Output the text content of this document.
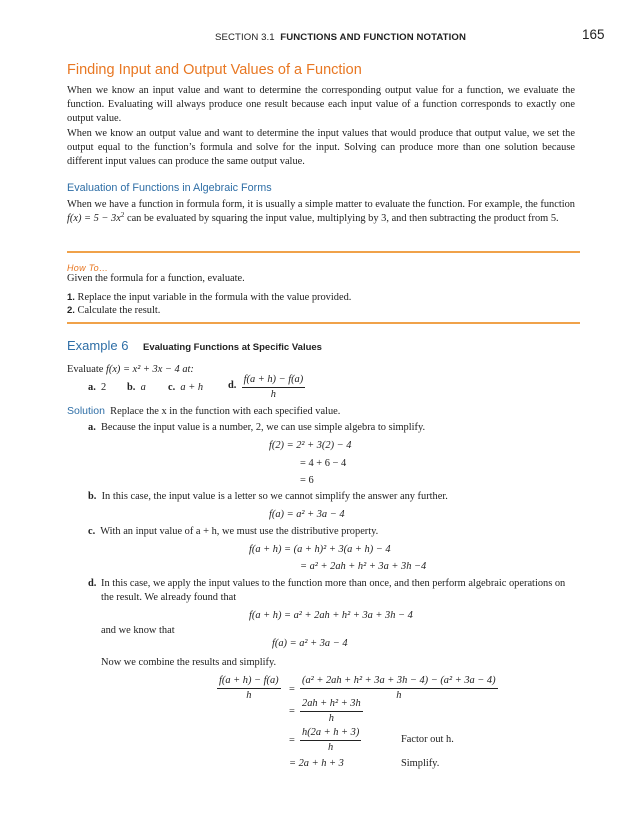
SECTION 3.1 FUNCTIONS AND FUNCTION NOTATION	165
Finding Input and Output Values of a Function
When we know an input value and want to determine the corresponding output value for a function, we evaluate the function. Evaluating will always produce one result because each input value of a function corresponds to exactly one output value.
When we know an output value and want to determine the input values that would produce that output value, we set the output equal to the function’s formula and solve for the input. Solving can produce more than one solution because different input values can produce the same output value.
Evaluation of Functions in Algebraic Forms
When we have a function in formula form, it is usually a simple matter to evaluate the function. For example, the function $f(x) = 5 - 3x^2$ can be evaluated by squaring the input value, multiplying by 3, and then subtracting the product from 5.
How To…
Given the formula for a function, evaluate.
1. Replace the input variable in the formula with the value provided.
2. Calculate the result.
Example 6 Evaluating Functions at Specific Values
Evaluate f(x) = x² + 3x − 4 at:
a. 2 b. a c. a + h d. $\frac{f(a + h) - f(a)}{h}$
Solution Replace the x in the function with each specified value.
a. Because the input value is a number, 2, we can use simple algebra to simplify.
f(2) = 2² + 3(2) − 4
= 4 + 6 − 4
= 6
b. In this case, the input value is a letter so we cannot simplify the answer any further.
f(a) = a² + 3a − 4
c. With an input value of a + h, we must use the distributive property.
f(a + h) = (a + h)² + 3(a + h) − 4
= a² + 2ah + h² + 3a + 3h −4
d. In this case, we apply the input values to the function more than once, and then perform algebraic operations on the result. We already found that
f(a + h) = a² + 2ah + h² + 3a + 3h − 4
and we know that
f(a) = a² + 3a − 4
Now we combine the results and simplify.
$\frac{f(a + h) - f(a)}{h} = \frac{\text{(a² + 2ah + h² + 3a + 3h − 4) − (a² + 3a − 4)}}{h}$
= $\frac{\text{2ah + h² + 3h}}{h}$
= $\frac{h(2a + h + 3)}{h}$	Factor out h.
= 2a + h + 3	Simplify.
